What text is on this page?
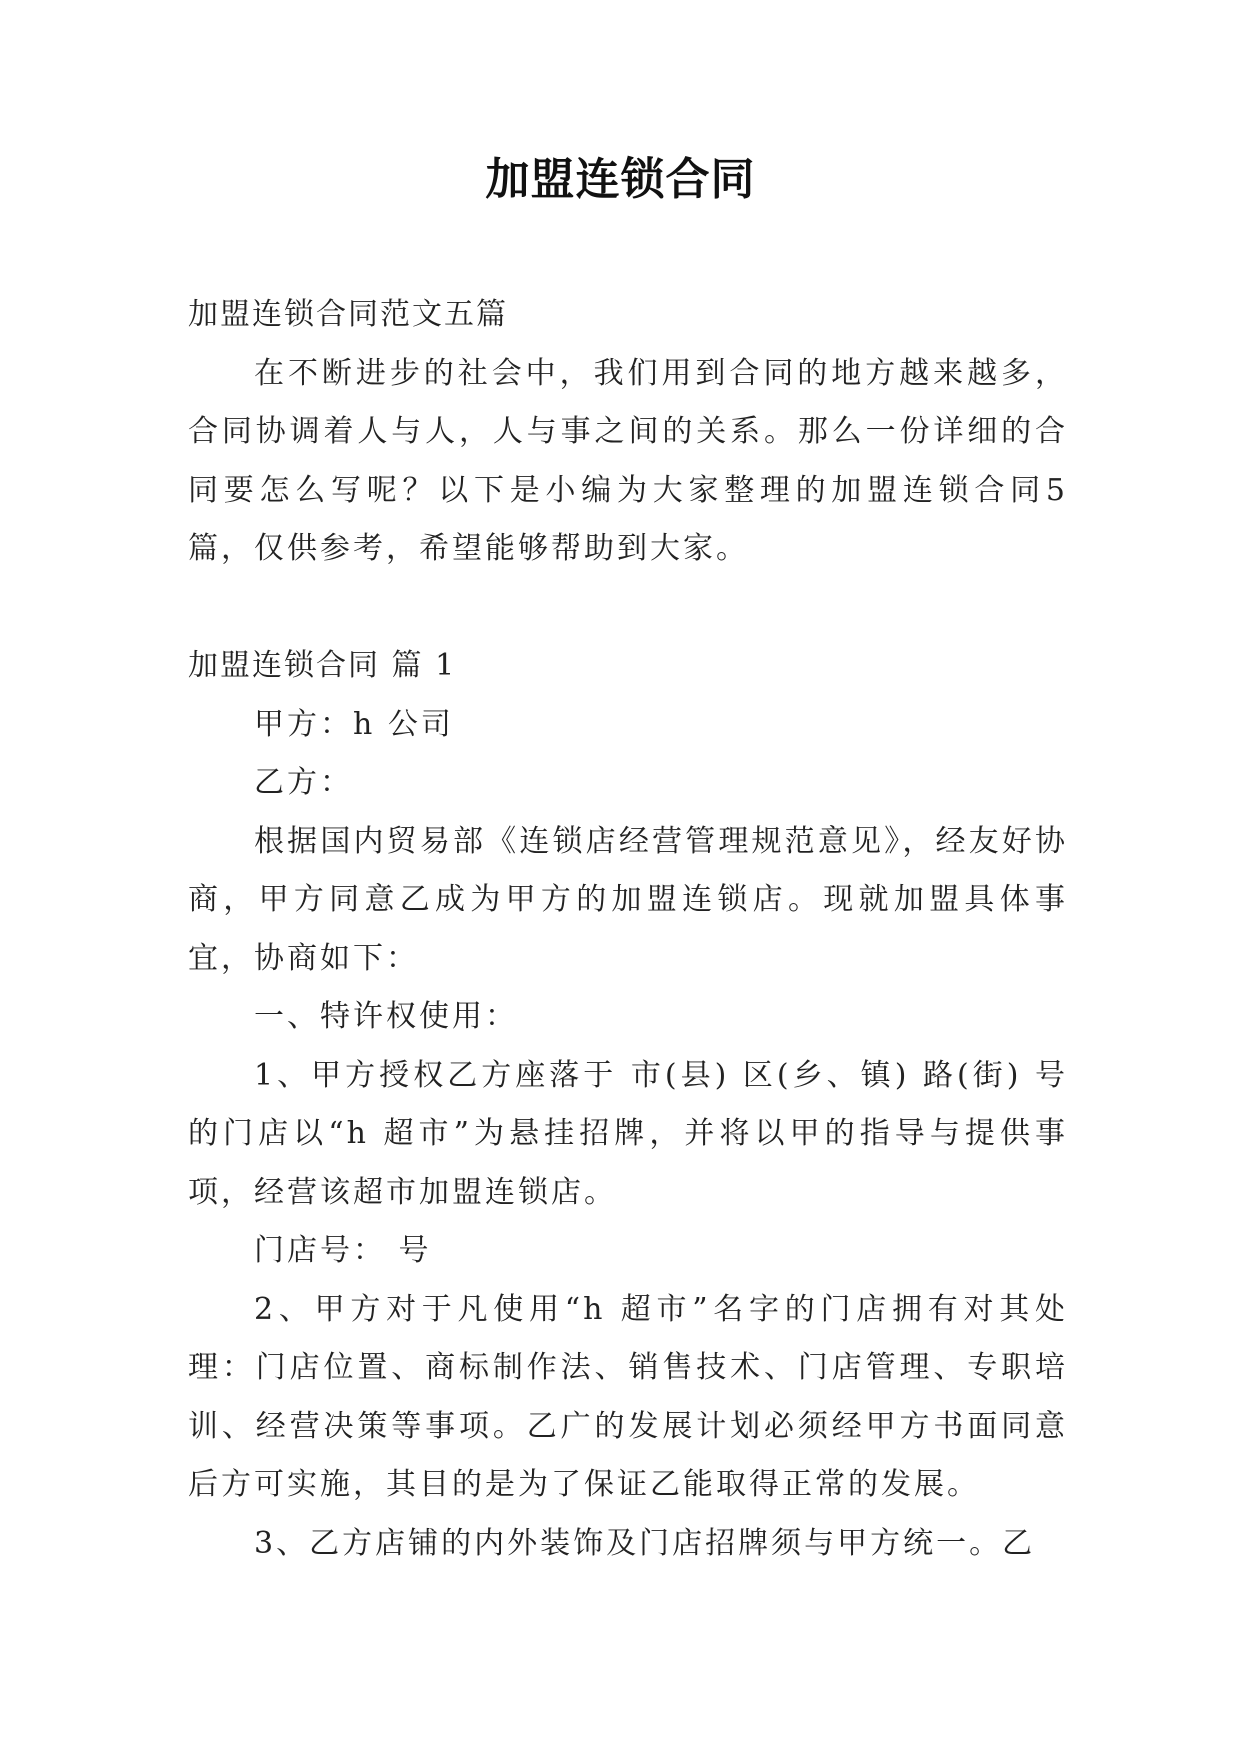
加盟连锁合同

加盟连锁合同范文五篇

在不断进步的社会中，我们用到合同的地方越来越多，合同协调着人与人，人与事之间的关系。那么一份详细的合同要怎么写呢？以下是小编为大家整理的加盟连锁合同5篇，仅供参考，希望能够帮助到大家。

加盟连锁合同 篇 1

甲方：h 公司

乙方：

根据国内贸易部《连锁店经营管理规范意见》，经友好协商，甲方同意乙成为甲方的加盟连锁店。现就加盟具体事宜，协商如下：

一、特许权使用：

1、甲方授权乙方座落于 市(县) 区(乡、镇) 路(街) 号的门店以“h 超市”为悬挂招牌，并将以甲的指导与提供事项，经营该超市加盟连锁店。

门店号： 号

2、甲方对于凡使用“h 超市”名字的门店拥有对其处理：门店位置、商标制作法、销售技术、门店管理、专职培训、经营决策等事项。乙广的发展计划必须经甲方书面同意后方可实施，其目的是为了保证乙能取得正常的发展。

3、乙方店铺的内外装饰及门店招牌须与甲方统一。乙
